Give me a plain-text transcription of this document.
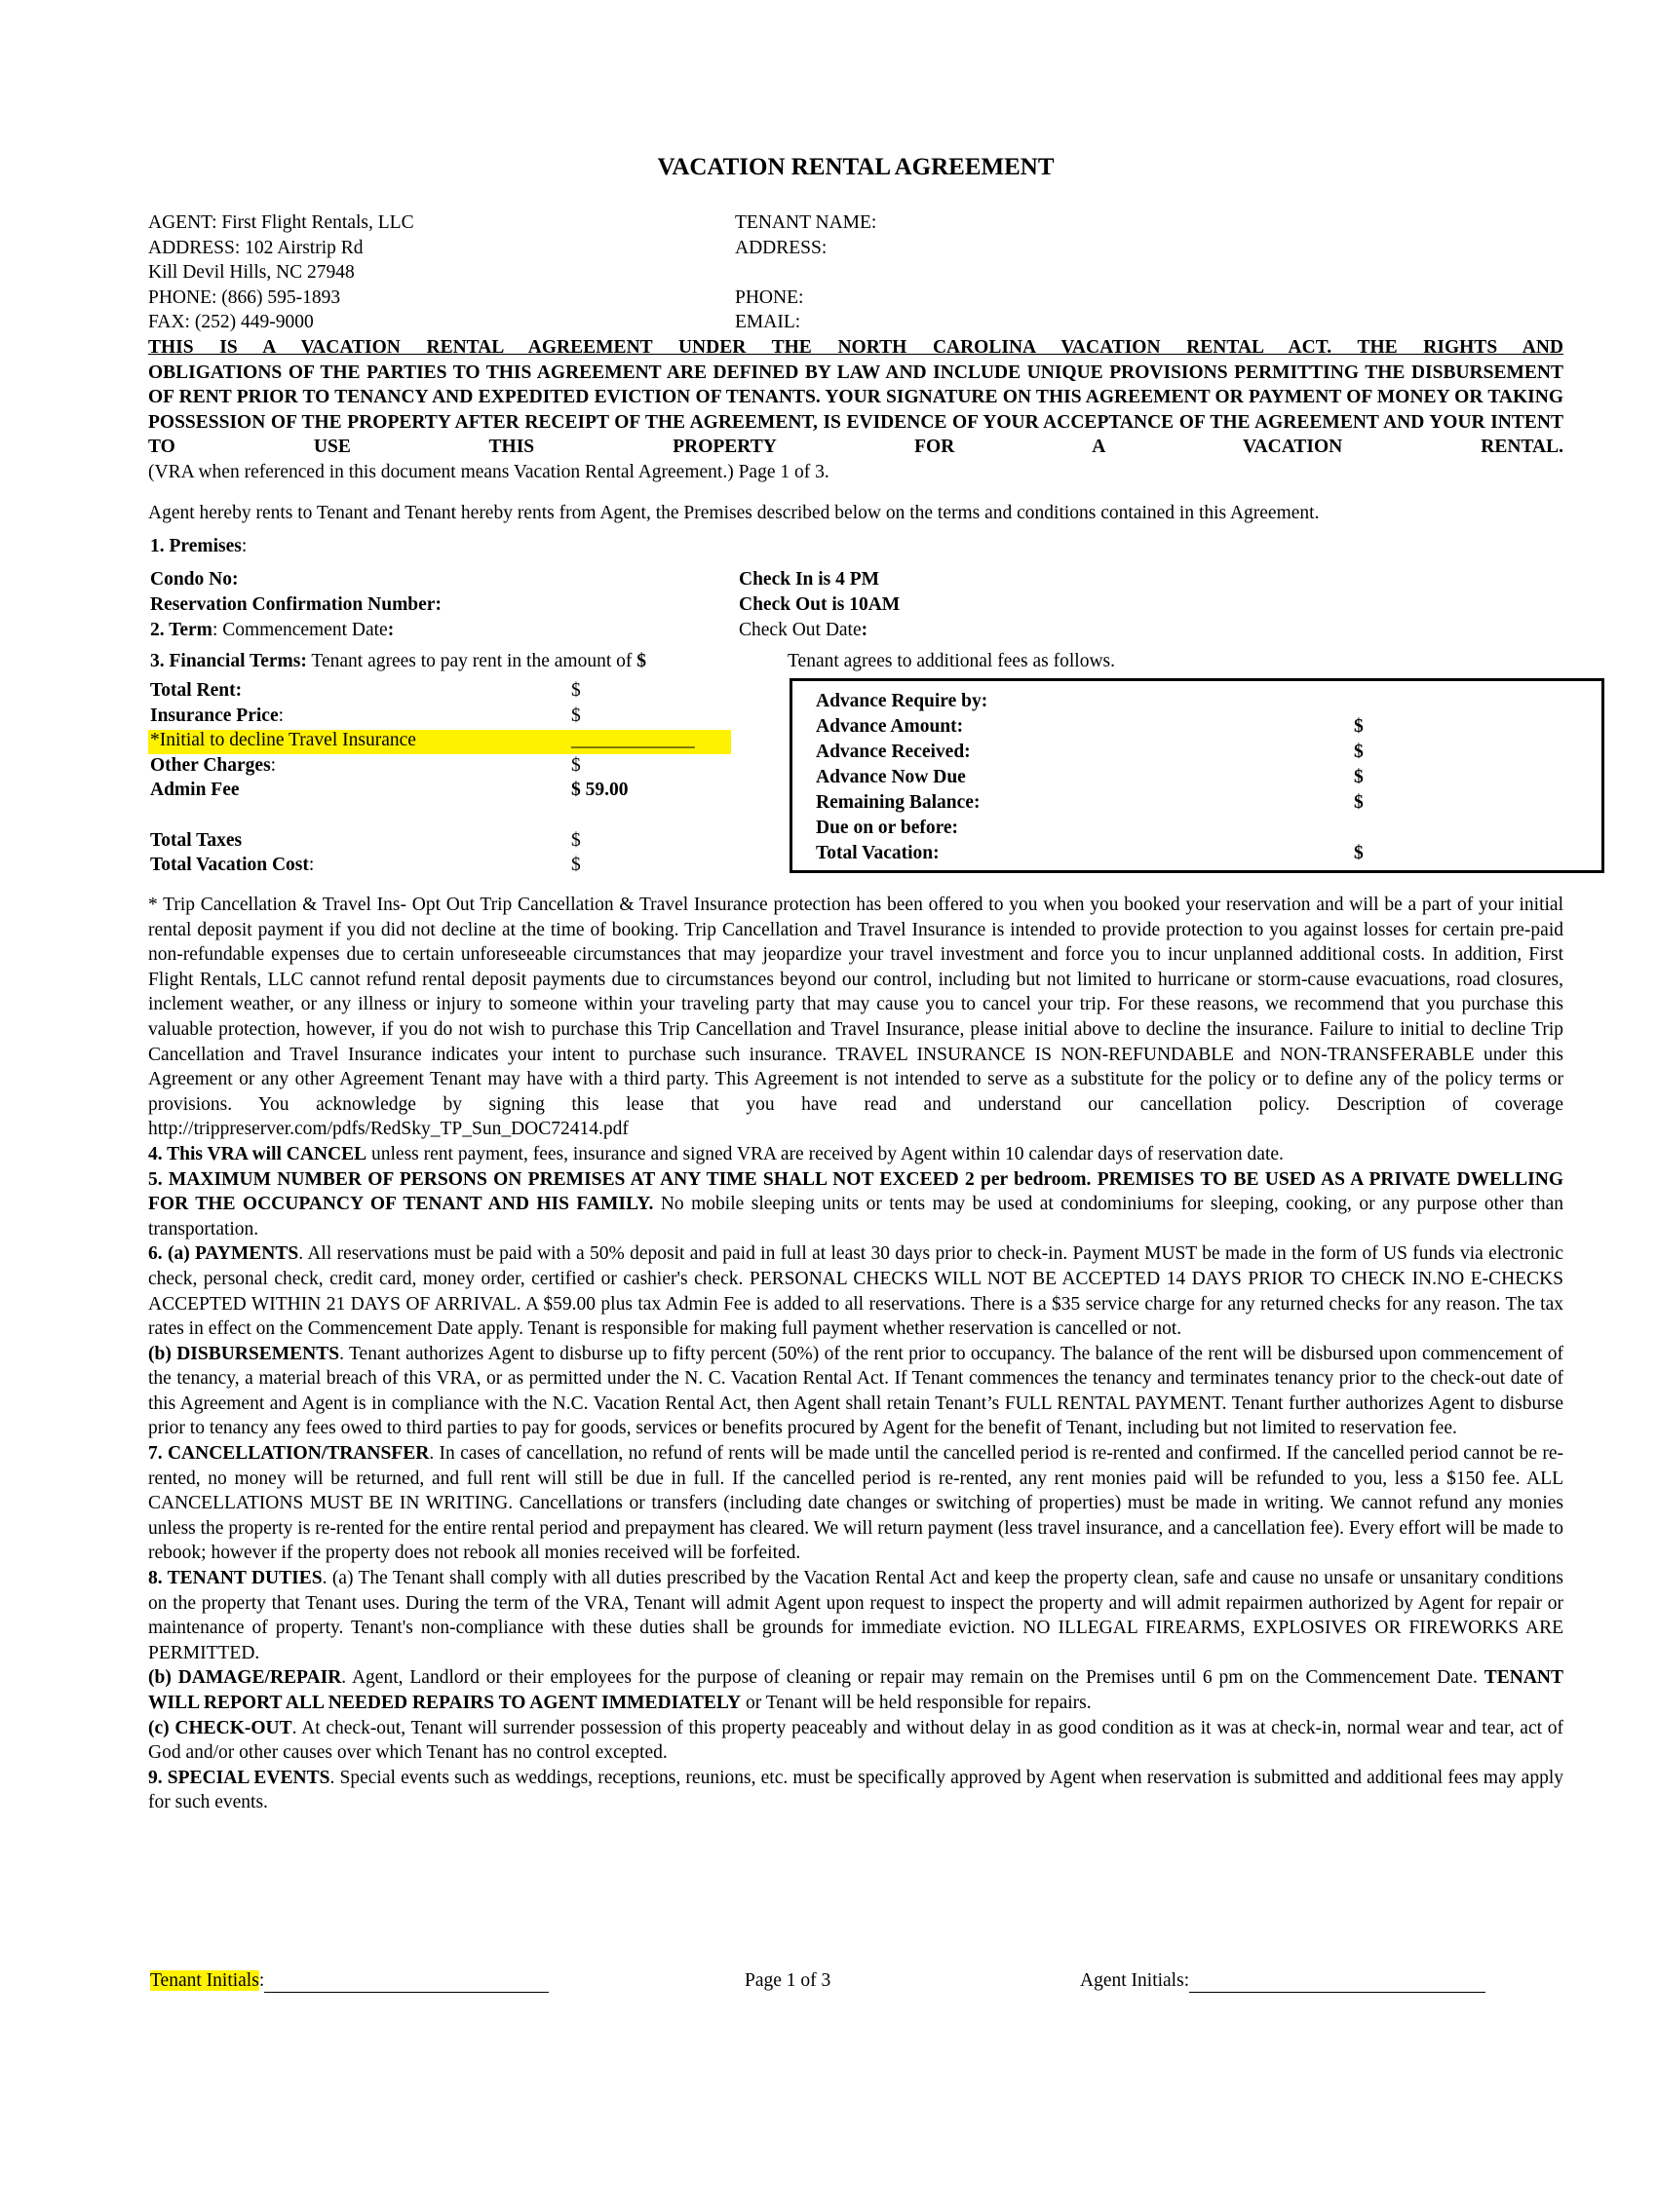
VACATION RENTAL AGREEMENT
AGENT: First Flight Rentals, LLC
ADDRESS: 102 Airstrip Rd
Kill Devil Hills, NC 27948
PHONE: (866) 595-1893
FAX: (252) 449-9000
TENANT NAME:
ADDRESS:
PHONE:
EMAIL:
THIS IS A VACATION RENTAL AGREEMENT UNDER THE NORTH CAROLINA VACATION RENTAL ACT. THE RIGHTS AND
OBLIGATIONS OF THE PARTIES TO THIS AGREEMENT ARE DEFINED BY LAW AND INCLUDE UNIQUE PROVISIONS PERMITTING THE DISBURSEMENT OF RENT PRIOR TO TENANCY AND EXPEDITED EVICTION OF TENANTS. YOUR SIGNATURE ON THIS AGREEMENT OR PAYMENT OF MONEY OR TAKING POSSESSION OF THE PROPERTY AFTER RECEIPT OF THE AGREEMENT, IS EVIDENCE OF YOUR ACCEPTANCE OF THE AGREEMENT AND YOUR INTENT TO USE THIS PROPERTY FOR A VACATION RENTAL.
(VRA when referenced in this document means Vacation Rental Agreement.) Page 1 of 3.
Agent hereby rents to Tenant and Tenant hereby rents from Agent, the Premises described below on the terms and conditions contained in this Agreement.
1. Premises:
Condo No:
Reservation Confirmation Number:
2. Term: Commencement Date:
Check In is 4 PM
Check Out is 10AM
Check Out Date:
3. Financial Terms: Tenant agrees to pay rent in the amount of $	Tenant agrees to additional fees as follows.
Total Rent:	$
Insurance Price:	$
*Initial to decline Travel Insurance	_____________
Other Charges:	$
Admin Fee	$ 59.00
Total Taxes	$
Total Vacation Cost:	$
Advance Require by:
Advance Amount:	$
Advance Received:	$
Advance Now Due	$
Remaining Balance:	$
Due on or before:
Total Vacation:	$

* Trip Cancellation & Travel Ins- Opt Out Trip Cancellation & Travel Insurance protection has been offered to you when you booked your reservation and will be a part of your initial rental deposit payment if you did not decline at the time of booking. Trip Cancellation and Travel Insurance is intended to provide protection to you against losses for certain pre-paid non-refundable expenses due to certain unforeseeable circumstances that may jeopardize your travel investment and force you to incur unplanned additional costs. In addition, First Flight Rentals, LLC cannot refund rental deposit payments due to circumstances beyond our control, including but not limited to hurricane or storm-cause evacuations, road closures, inclement weather, or any illness or injury to someone within your traveling party that may cause you to cancel your trip. For these reasons, we recommend that you purchase this valuable protection, however, if you do not wish to purchase this Trip Cancellation and Travel Insurance, please initial above to decline the insurance. Failure to initial to decline Trip Cancellation and Travel Insurance indicates your intent to purchase such insurance. TRAVEL INSURANCE IS NON-REFUNDABLE and NON-TRANSFERABLE under this Agreement or any other Agreement Tenant may have with a third party. This Agreement is not intended to serve as a substitute for the policy or to define any of the policy terms or provisions. You acknowledge by signing this lease that you have read and understand our cancellation policy. Description of coverage http://trippreserver.com/pdfs/RedSky_TP_Sun_DOC72414.pdf

4. This VRA will CANCEL unless rent payment, fees, insurance and signed VRA are received by Agent within 10 calendar days of reservation date.

5. MAXIMUM NUMBER OF PERSONS ON PREMISES AT ANY TIME SHALL NOT EXCEED 2 per bedroom. PREMISES TO BE USED AS A PRIVATE DWELLING FOR THE OCCUPANCY OF TENANT AND HIS FAMILY. No mobile sleeping units or tents may be used at condominiums for sleeping, cooking, or any purpose other than transportation.

6. (a) PAYMENTS. All reservations must be paid with a 50% deposit and paid in full at least 30 days prior to check-in. Payment MUST be made in the form of US funds via electronic check, personal check, credit card, money order, certified or cashier's check. PERSONAL CHECKS WILL NOT BE ACCEPTED 14 DAYS PRIOR TO CHECK IN.NO E-CHECKS ACCEPTED WITHIN 21 DAYS OF ARRIVAL. A $59.00 plus tax Admin Fee is added to all reservations. There is a $35 service charge for any returned checks for any reason. The tax rates in effect on the Commencement Date apply. Tenant is responsible for making full payment whether reservation is cancelled or not.

(b) DISBURSEMENTS. Tenant authorizes Agent to disburse up to fifty percent (50%) of the rent prior to occupancy. The balance of the rent will be disbursed upon commencement of the tenancy, a material breach of this VRA, or as permitted under the N. C. Vacation Rental Act. If Tenant commences the tenancy and terminates tenancy prior to the check-out date of this Agreement and Agent is in compliance with the N.C. Vacation Rental Act, then Agent shall retain Tenant’s FULL RENTAL PAYMENT. Tenant further authorizes Agent to disburse prior to tenancy any fees owed to third parties to pay for goods, services or benefits procured by Agent for the benefit of Tenant, including but not limited to reservation fee.

7. CANCELLATION/TRANSFER. In cases of cancellation, no refund of rents will be made until the cancelled period is re-rented and confirmed. If the cancelled period cannot be re-rented, no money will be returned, and full rent will still be due in full. If the cancelled period is re-rented, any rent monies paid will be refunded to you, less a $150 fee. ALL CANCELLATIONS MUST BE IN WRITING. Cancellations or transfers (including date changes or switching of properties) must be made in writing. We cannot refund any monies unless the property is re-rented for the entire rental period and prepayment has cleared. We will return payment (less travel insurance, and a cancellation fee). Every effort will be made to rebook; however if the property does not rebook all monies received will be forfeited.

8. TENANT DUTIES. (a) The Tenant shall comply with all duties prescribed by the Vacation Rental Act and keep the property clean, safe and cause no unsafe or unsanitary conditions on the property that Tenant uses. During the term of the VRA, Tenant will admit Agent upon request to inspect the property and will admit repairmen authorized by Agent for repair or maintenance of property. Tenant's non-compliance with these duties shall be grounds for immediate eviction. NO ILLEGAL FIREARMS, EXPLOSIVES OR FIREWORKS ARE PERMITTED.

(b) DAMAGE/REPAIR. Agent, Landlord or their employees for the purpose of cleaning or repair may remain on the Premises until 6 pm on the Commencement Date. TENANT WILL REPORT ALL NEEDED REPAIRS TO AGENT IMMEDIATELY or Tenant will be held responsible for repairs.

(c) CHECK-OUT. At check-out, Tenant will surrender possession of this property peaceably and without delay in as good condition as it was at check-in, normal wear and tear, act of God and/or other causes over which Tenant has no control excepted.

9. SPECIAL EVENTS. Special events such as weddings, receptions, reunions, etc. must be specifically approved by Agent when reservation is submitted and additional fees may apply for such events.

Tenant Initials:	Page 1 of 3	Agent Initials:
